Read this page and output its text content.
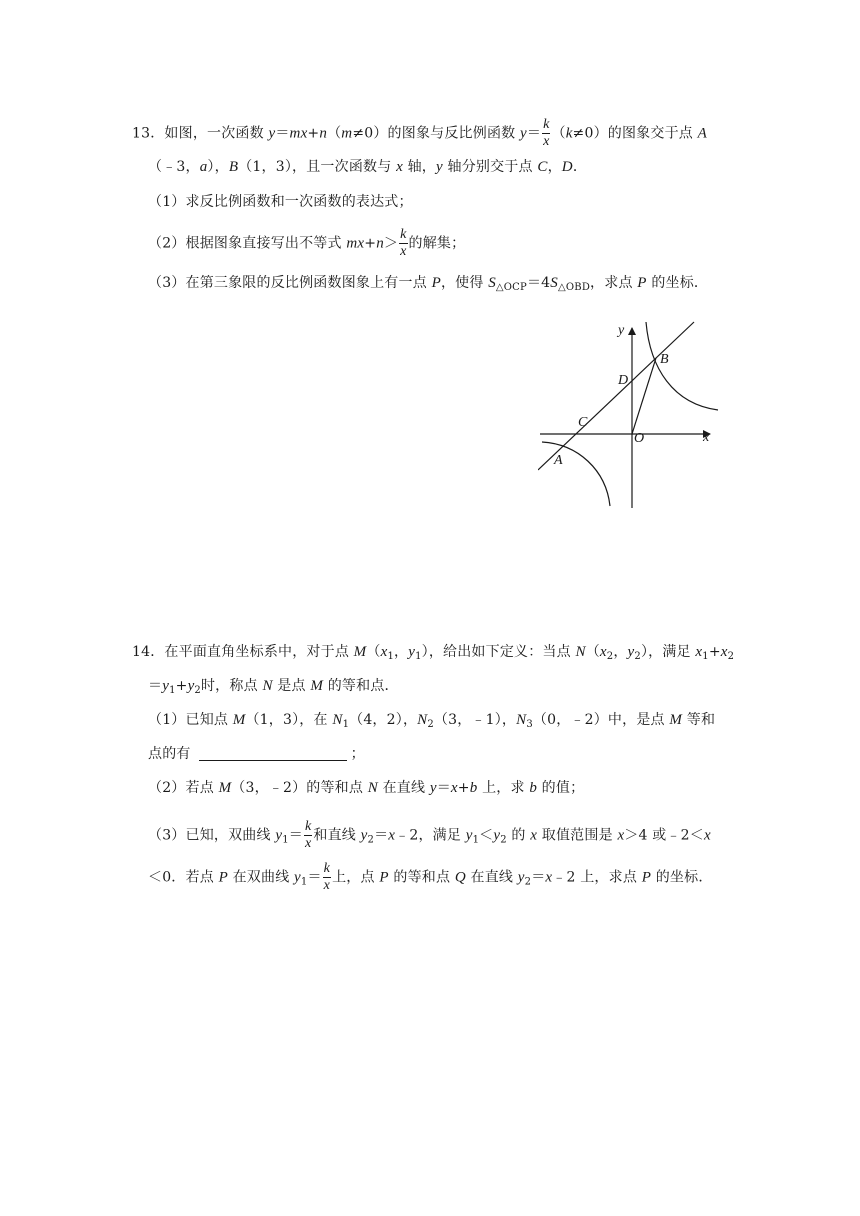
13．如图，一次函数 y＝mx+n（m≠0）的图象与反比例函数 $y= \frac{k}{x} (k\ne 0)$的图象交于点 A
（﹣3，a），B（1，3），且一次函数与 x 轴，y 轴分别交于点 C，D．
（1）求反比例函数和一次函数的表达式；
（2）根据图象直接写出不等式 $mx+n> \frac{k}{x}$ 的解集；
（3）在第三象限的反比例函数图象上有一点 P，使得 $S_{\triangle OCP}=4S_{\triangle OBD}$，求点 P 的坐标．
y
x
O
B
D
C
A
14．在平面直角坐标系中，对于点 $M(x_1$，$y_1$），给出如下定义：当点 $N(x_2$，$y_2$），满足 $x_1+x_2$
$=y_1+y_2$时，称点 N 是点 M 的等和点．
（1）已知点 M（1，3），在 $N_1(4$，2），$N_2(3$，﹣1），$N_3(0$，﹣2）中，是点 M 等和
点的有	；
（2）若点 M（3，﹣2）的等和点 N 在直线 y＝x+b 上，求 b 的值；
（3）已知，双曲线 $y_1= \frac{k}{x}$ 和直线 $y_2=x﹣2$，满足 $y_1<y_2$ 的 x 取值范围是 x＞4 或﹣2＜x
＜0．若点 P 在双曲线 $y_1= \frac{k}{x}$ 上，点 P 的等和点 Q 在直线 $y_2=x﹣2$ 上，求点 P 的坐标．
